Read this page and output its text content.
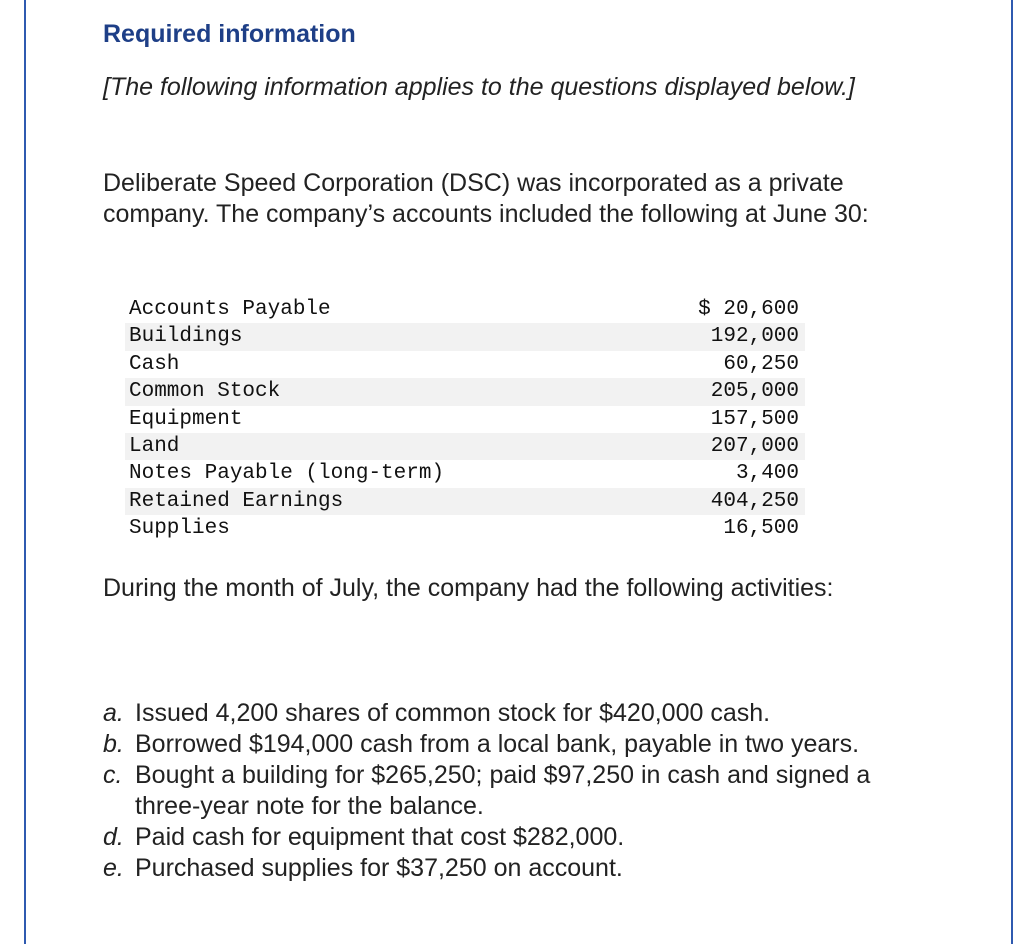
Required information
[The following information applies to the questions displayed below.]
Deliberate Speed Corporation (DSC) was incorporated as a private company. The company’s accounts included the following at June 30:
Accounts Payable	$ 20,600
Buildings	192,000
Cash	60,250
Common Stock	205,000
Equipment	157,500
Land	207,000
Notes Payable (long-term)	3,400
Retained Earnings	404,250
Supplies	16,500
During the month of July, the company had the following activities:
a. Issued 4,200 shares of common stock for $420,000 cash.
b. Borrowed $194,000 cash from a local bank, payable in two years.
c. Bought a building for $265,250; paid $97,250 in cash and signed a three-year note for the balance.
d. Paid cash for equipment that cost $282,000.
e. Purchased supplies for $37,250 on account.
